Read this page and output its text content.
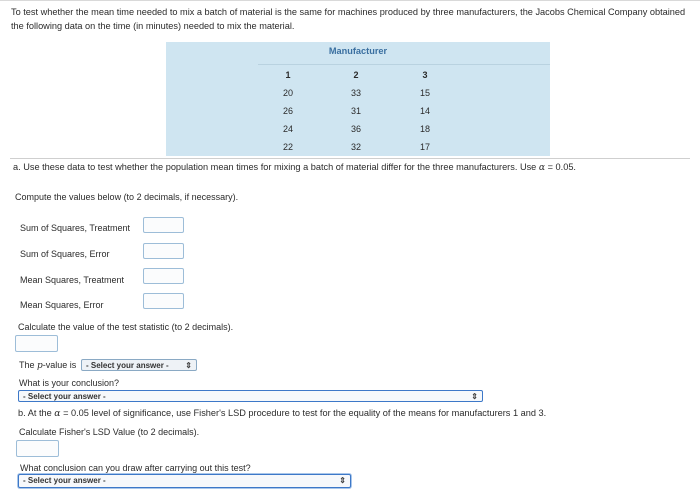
To test whether the mean time needed to mix a batch of material is the same for machines produced by three manufacturers, the Jacobs Chemical Company obtained the following data on the time (in minutes) needed to mix the material.
Manufacturer
1	2	3
20	33	15
26	31	14
24	36	18
22	32	17
a. Use these data to test whether the population mean times for mixing a batch of material differ for the three manufacturers. Use α = 0.05.
Compute the values below (to 2 decimals, if necessary).
Sum of Squares, Treatment
Sum of Squares, Error
Mean Squares, Treatment
Mean Squares, Error
Calculate the value of the test statistic (to 2 decimals).
The p-value is	- Select your answer - ⇕
What is your conclusion?
- Select your answer -	⇕
b. At the α = 0.05 level of significance, use Fisher's LSD procedure to test for the equality of the means for manufacturers 1 and 3.
Calculate Fisher's LSD Value (to 2 decimals).
What conclusion can you draw after carrying out this test?
- Select your answer -	⇕
